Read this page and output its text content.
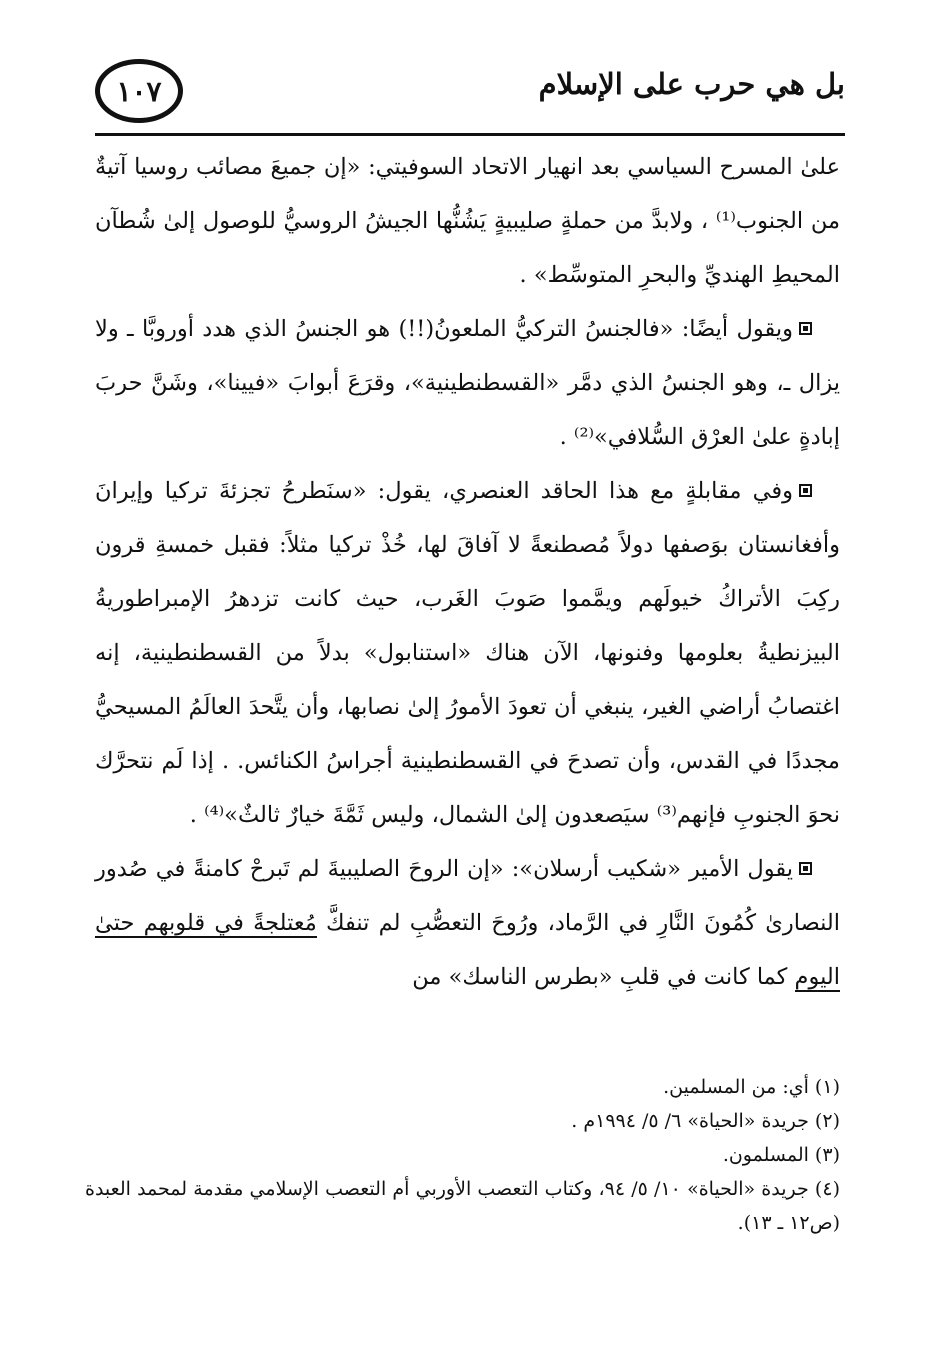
١٠٧	بل هي حرب على الإسلام

علىٰ المسرح السياسي بعد انهيار الاتحاد السوفيتي: «إن جميعَ مصائب روسيا آتيةٌ من الجنوب⁽¹⁾ ، ولابدَّ من حملةٍ صليبيةٍ يَشُنُّها الجيشُ الروسيُّ للوصول إلىٰ شُطآن المحيطِ الهنديِّ والبحرِ المتوسِّط» .

ويقول أيضًا: «فالجنسُ التركيُّ الملعونُ(!!) هو الجنسُ الذي هدد أوروبَّا ـ ولا يزال ـ، وهو الجنسُ الذي دمَّر «القسطنطينية»، وقرَعَ أبوابَ «فيينا»، وشَنَّ حربَ إبادةٍ علىٰ العرْق السُّلافي»⁽²⁾ .

وفي مقابلةٍ مع هذا الحاقد العنصري، يقول: «سنَطرحُ تجزئةَ تركيا وإيرانَ وأفغانستان بوَصفها دولاً مُصطنعةً لا آفاقَ لها، خُذْ تركيا مثلاً: فقبل خمسةِ قرون ركِبَ الأتراكُ خيولَهم ويمَّموا صَوبَ الغَرب، حيث كانت تزدهرُ الإمبراطوريةُ البيزنطيةُ بعلومها وفنونها، الآن هناك «استنابول» بدلاً من القسطنطينية، إنه اغتصابُ أراضي الغير، ينبغي أن تعودَ الأمورُ إلىٰ نصابها، وأن يتَّحدَ العالَمُ المسيحيُّ مجددًا في القدس، وأن تصدحَ في القسطنطينية أجراسُ الكنائس. . إذا لَم نتحرَّك نحوَ الجنوبِ فإنهم⁽³⁾ سيَصعدون إلىٰ الشمال، وليس ثَمَّةَ خيارٌ ثالثٌ»⁽⁴⁾ .

يقول الأمير «شكيب أرسلان»: «إن الروحَ الصليبيةَ لم تَبرحْ كامنةً في صُدور النصارىٰ كُمُونَ النَّارِ في الرَّماد، ورُوحَ التعصُّبِ لم تنفكَّ مُعتلجةً في قلوبهم حتىٰ اليوم كما كانت في قلبِ «بطرس الناسك» من

(١) أي: من المسلمين.

(٢) جريدة «الحياة» ٦/ ٥/ ١٩٩٤م .

(٣) المسلمون.

(٤) جريدة «الحياة» ١٠/ ٥/ ٩٤، وكتاب التعصب الأوربي أم التعصب الإسلامي مقدمة لمحمد العبدة (ص١٢ ـ ١٣).
